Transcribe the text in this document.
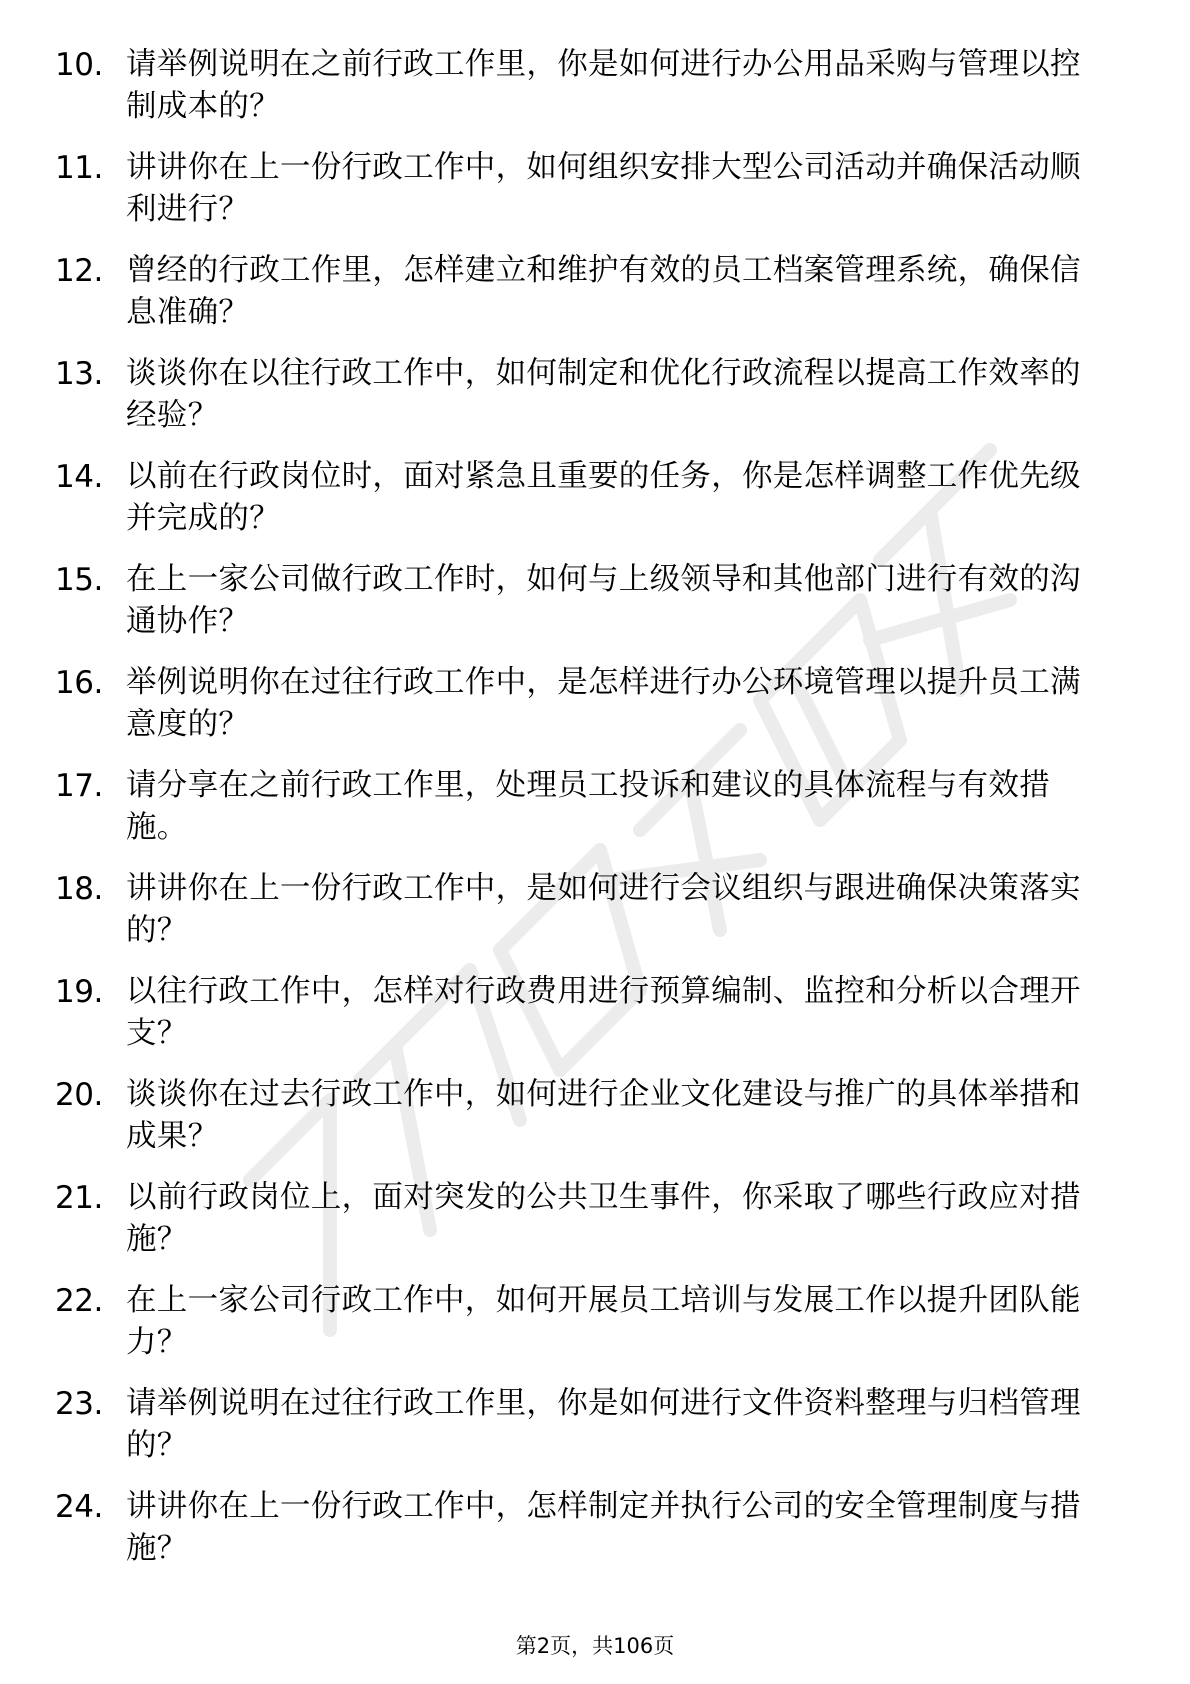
10. 请举例说明在之前行政工作里，你是如何进行办公用品采购与管理以控制成本的？
11. 讲讲你在上一份行政工作中，如何组织安排大型公司活动并确保活动顺利进行？
12. 曾经的行政工作里，怎样建立和维护有效的员工档案管理系统，确保信息准确？
13. 谈谈你在以往行政工作中，如何制定和优化行政流程以提高工作效率的经验？
14. 以前在行政岗位时，面对紧急且重要的任务，你是怎样调整工作优先级并完成的？
15. 在上一家公司做行政工作时，如何与上级领导和其他部门进行有效的沟通协作？
16. 举例说明你在过往行政工作中，是怎样进行办公环境管理以提升员工满意度的？
17. 请分享在之前行政工作里，处理员工投诉和建议的具体流程与有效措施。
18. 讲讲你在上一份行政工作中，是如何进行会议组织与跟进确保决策落实的？
19. 以往行政工作中，怎样对行政费用进行预算编制、监控和分析以合理开支？
20. 谈谈你在过去行政工作中，如何进行企业文化建设与推广的具体举措和成果？
21. 以前行政岗位上，面对突发的公共卫生事件，你采取了哪些行政应对措施？
22. 在上一家公司行政工作中，如何开展员工培训与发展工作以提升团队能力？
23. 请举例说明在过往行政工作里，你是如何进行文件资料整理与归档管理的？
24. 讲讲你在上一份行政工作中，怎样制定并执行公司的安全管理制度与措施？
第2页，共106页
